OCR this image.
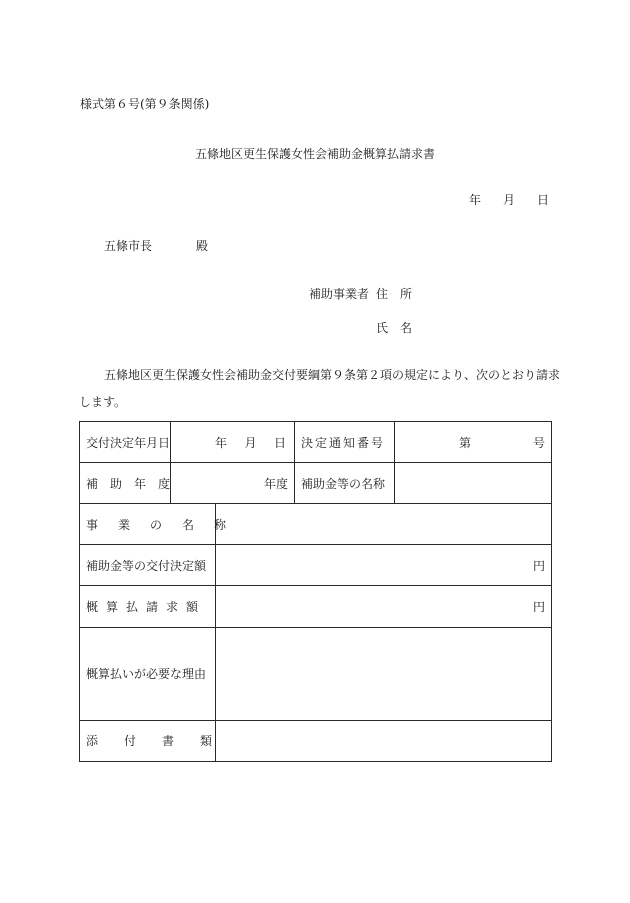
様式第６号(第９条関係)
五條地区更生保護女性会補助金概算払請求書
年 月 日
五條市長	殿
補助事業者 住　所
氏　名
五條地区更生保護女性会補助金交付要綱第９条第２項の規定により、次のとおり請求
します。
交付決定年月日	年 月 日		決定通知番号	第 号

補助年度	年度		補助金等の名称	
事業の名称				
補助金等の交付決定額		円		
概算払請求額		円		
概算払いが必要な理由				
添付書類				
